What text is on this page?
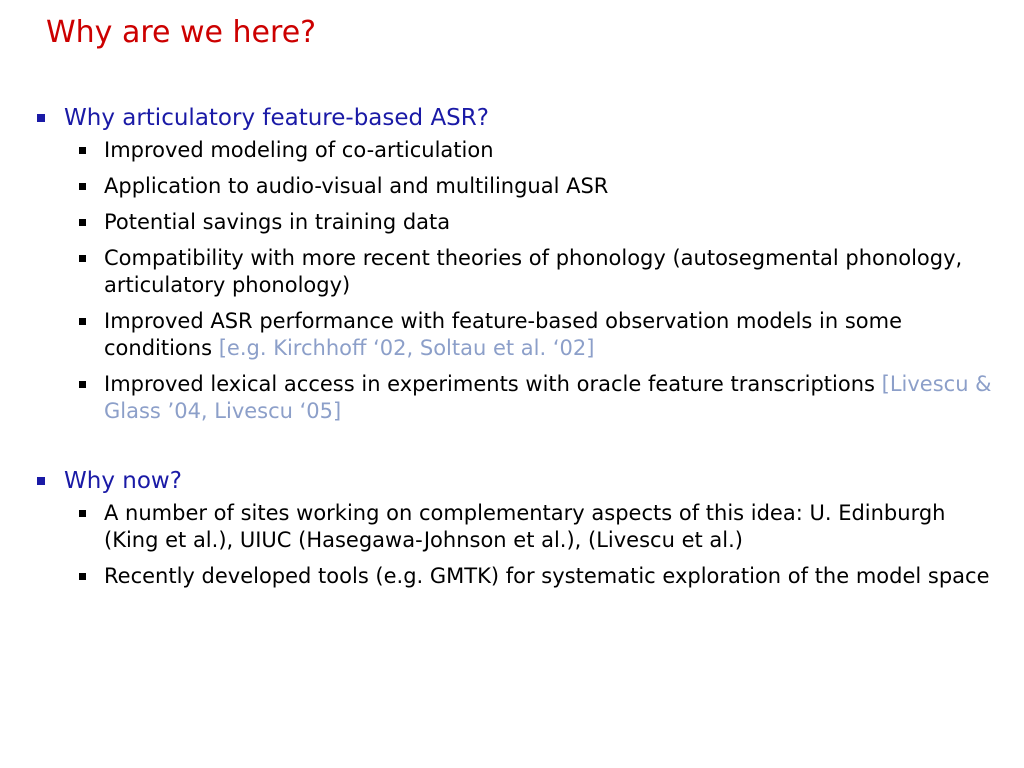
Why are we here?
Why articulatory feature-based ASR?
Improved modeling of co-articulation
Application to audio-visual and multilingual ASR
Potential savings in training data
Compatibility with more recent theories of phonology (autosegmental phonology, articulatory phonology)
Improved ASR performance with feature-based observation models in some conditions [e.g. Kirchhoff ‘02, Soltau et al. ‘02]
Improved lexical access in experiments with oracle feature transcriptions [Livescu & Glass ’04, Livescu ‘05]
Why now?
A number of sites working on complementary aspects of this idea: U. Edinburgh (King et al.), UIUC (Hasegawa-Johnson et al.), (Livescu et al.)
Recently developed tools (e.g. GMTK) for systematic exploration of the model space
